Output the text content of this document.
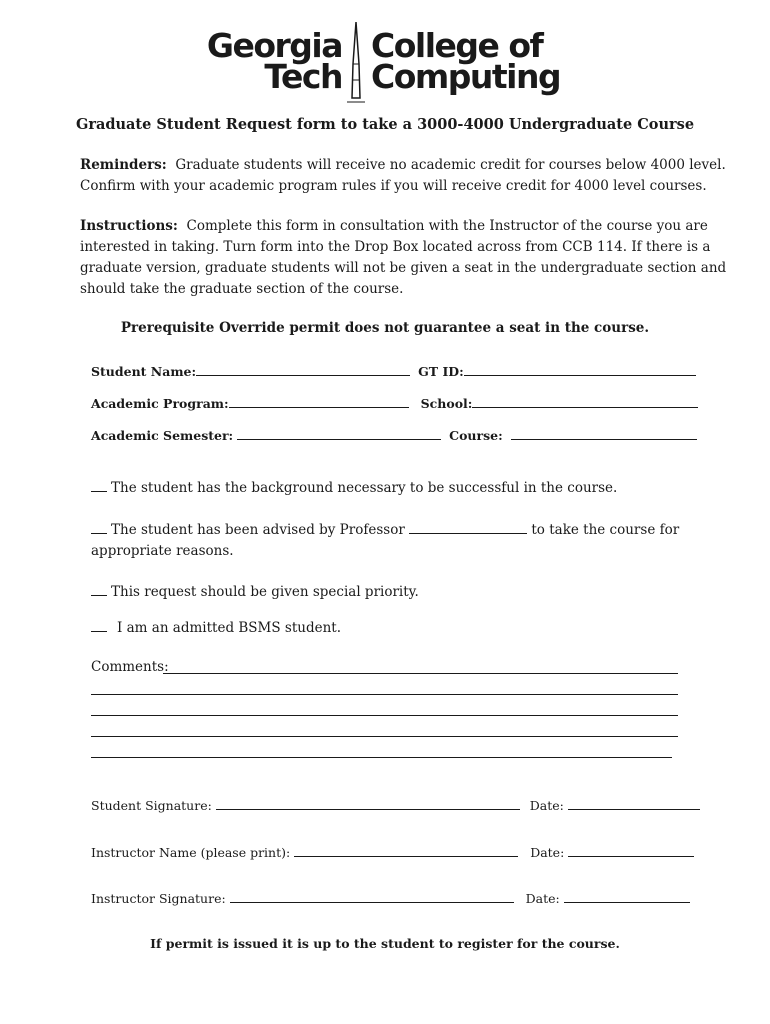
Georgia
Tech
College of
Computing
Graduate Student Request form to take a 3000-4000 Undergraduate Course
Reminders: Graduate students will receive no academic credit for courses below 4000 level.
Confirm with your academic program rules if you will receive credit for 4000 level courses.
Instructions: Complete this form in consultation with the Instructor of the course you are
interested in taking. Turn form into the Drop Box located across from CCB 114. If there is a
graduate version, graduate students will not be given a seat in the undergraduate section and
should take the graduate section of the course.
Prerequisite Override permit does not guarantee a seat in the course.
Student Name:	GT ID:
Academic Program:	School:
Academic Semester:	Course:
The student has the background necessary to be successful in the course.
The student has been advised by Professor	to take the course for
appropriate reasons.
This request should be given special priority.
I am an admitted BSMS student.
Comments:
Student Signature:	Date:
Instructor Name (please print):	Date:
Instructor Signature:	Date:
If permit is issued it is up to the student to register for the course.
